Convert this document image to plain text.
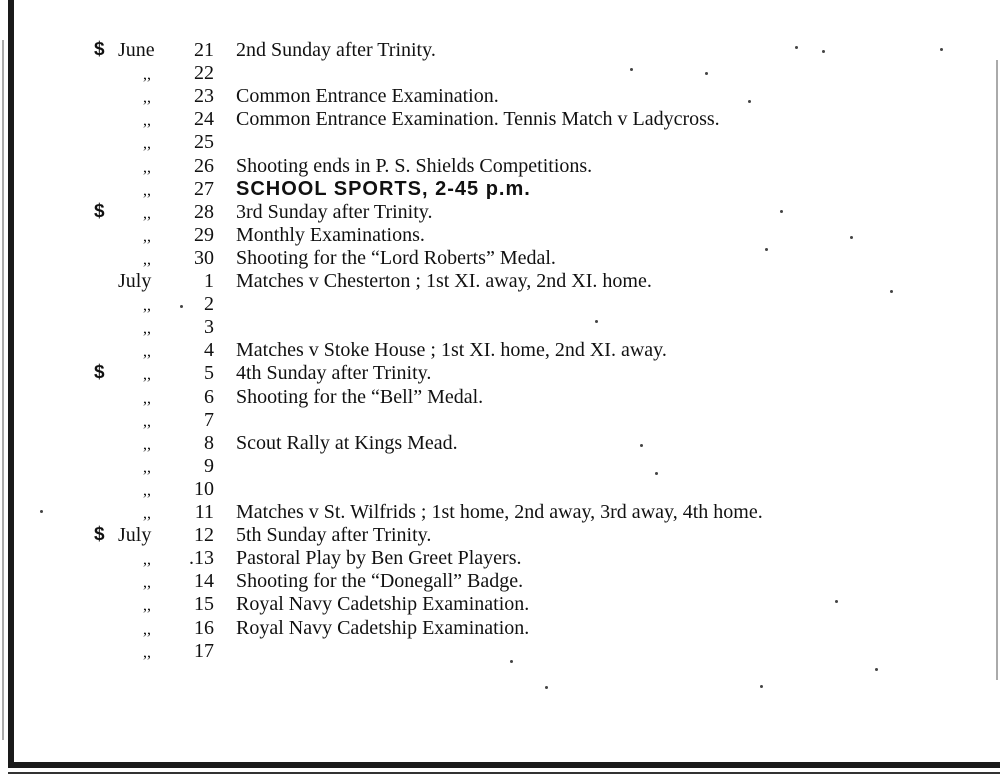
$ June	21 2nd Sunday after Trinity.
,,	22
,,	23 Common Entrance Examination.
,,	24 Common Entrance Examination. Tennis Match v Ladycross.
,,	25
,,	26 Shooting ends in P. S. Shields Competitions.
,,	27 SCHOOL SPORTS, 2-45 p.m.
$ ,,	28 3rd Sunday after Trinity.
,,	29 Monthly Examinations.
,,	30 Shooting for the “Lord Roberts” Medal.
July	1 Matches v Chesterton ; 1st XI. away, 2nd XI. home.
,,	2
,,	3
,,	4 Matches v Stoke House ; 1st XI. home, 2nd XI. away.
$ ,,	5 4th Sunday after Trinity.
,,	6 Shooting for the “Bell” Medal.
,,	7
,,	8 Scout Rally at Kings Mead.
,,	9
,,	10
,,	11 Matches v St. Wilfrids ; 1st home, 2nd away, 3rd away, 4th home.
$ July	12 5th Sunday after Trinity.
,, .13 Pastoral Play by Ben Greet Players.
,,	14 Shooting for the “Donegall” Badge.
,,	15 Royal Navy Cadetship Examination.
,,	16 Royal Navy Cadetship Examination.
,,	17
